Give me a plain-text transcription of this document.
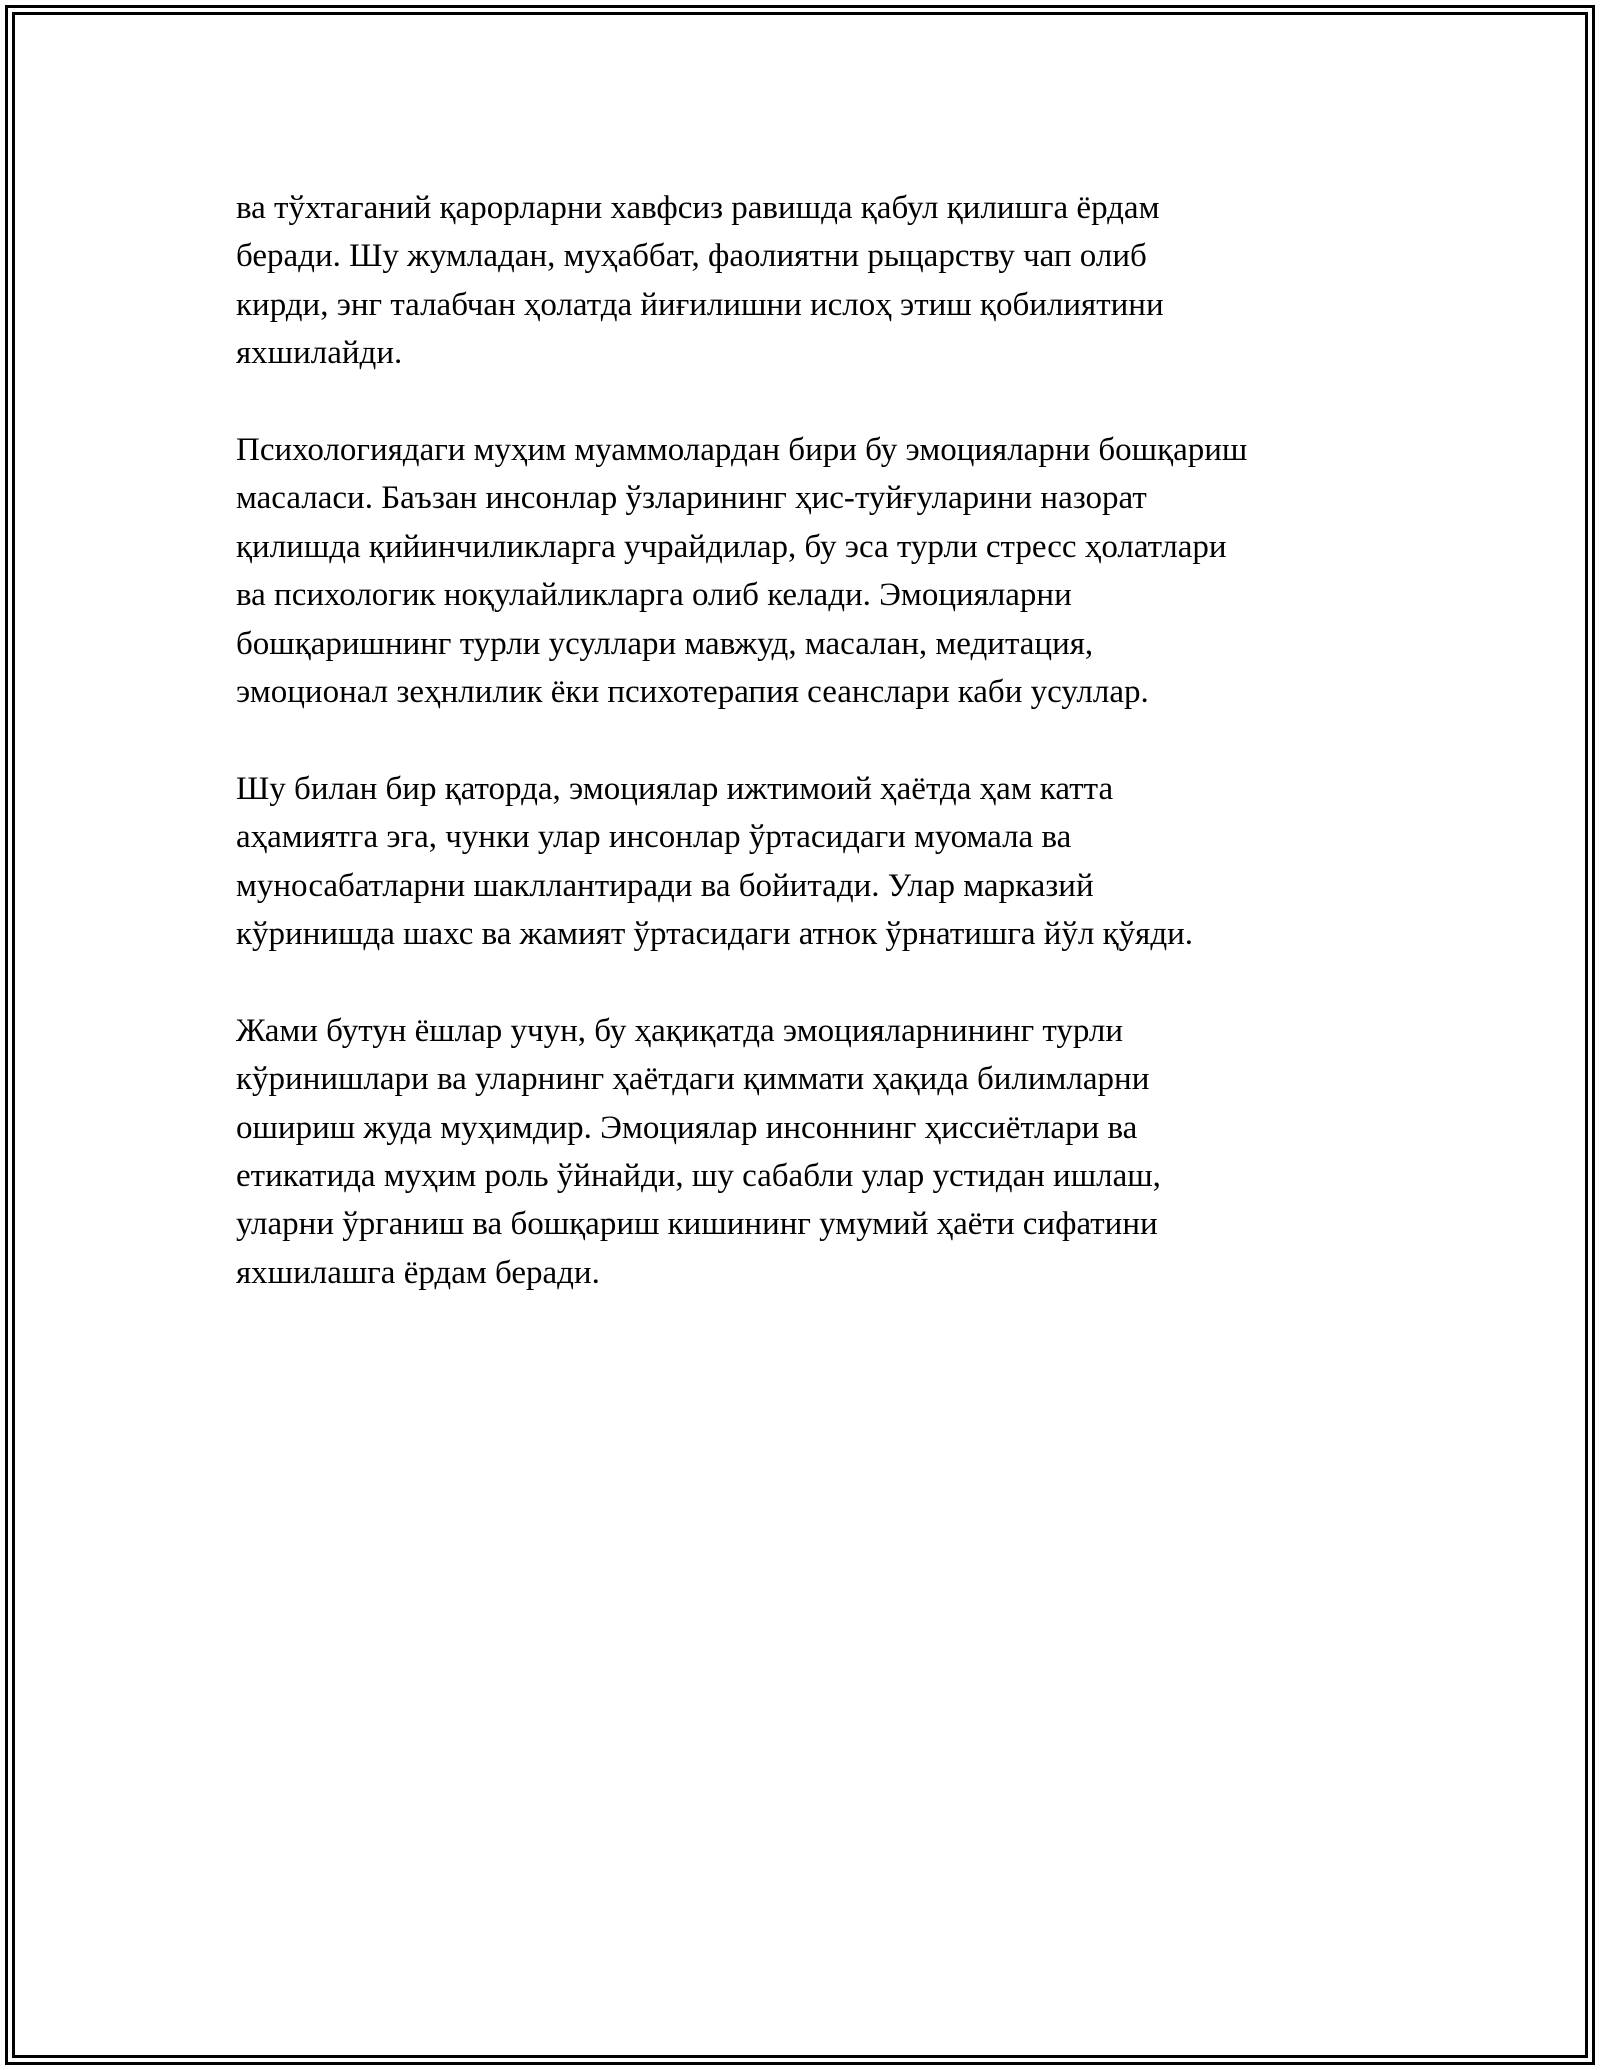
ва тўхтаганий қарорларни хавфсиз равишда қабул қилишга ёрдам
беради. Шу жумладан, муҳаббат, фаолиятни рыцарству чап олиб
кирди, энг талабчан ҳолатда йиғилишни ислоҳ этиш қобилиятини
яхшилайди.

Психологиядаги муҳим муаммолардан бири бу эмоцияларни бошқариш
масаласи. Баъзан инсонлар ўзларининг ҳис-туйғуларини назорат
қилишда қийинчиликларга учрайдилар, бу эса турли стресс ҳолатлари
ва психологик ноқулайликларга олиб келади. Эмоцияларни
бошқаришнинг турли усуллари мавжуд, масалан, медитация,
эмоционал зеҳнлилик ёки психотерапия сеанслари каби усуллар.

Шу билан бир қаторда, эмоциялар ижтимоий ҳаётда ҳам катта
аҳамиятга эга, чунки улар инсонлар ўртасидаги муомала ва
муносабатларни шакллантиради ва бойитади. Улар марказий
кўринишда шахс ва жамият ўртасидаги атнок ўрнатишга йўл қўяди.

Жами бутун ёшлар учун, бу ҳақиқатда эмоцияларнининг турли
кўринишлари ва уларнинг ҳаётдаги қиммати ҳақида билимларни
ошириш жуда муҳимдир. Эмоциялар инсоннинг ҳиссиётлари ва
етикатида муҳим роль ўйнайди, шу сабабли улар устидан ишлаш,
уларни ўрганиш ва бошқариш кишининг умумий ҳаёти сифатини
яхшилашга ёрдам беради.
